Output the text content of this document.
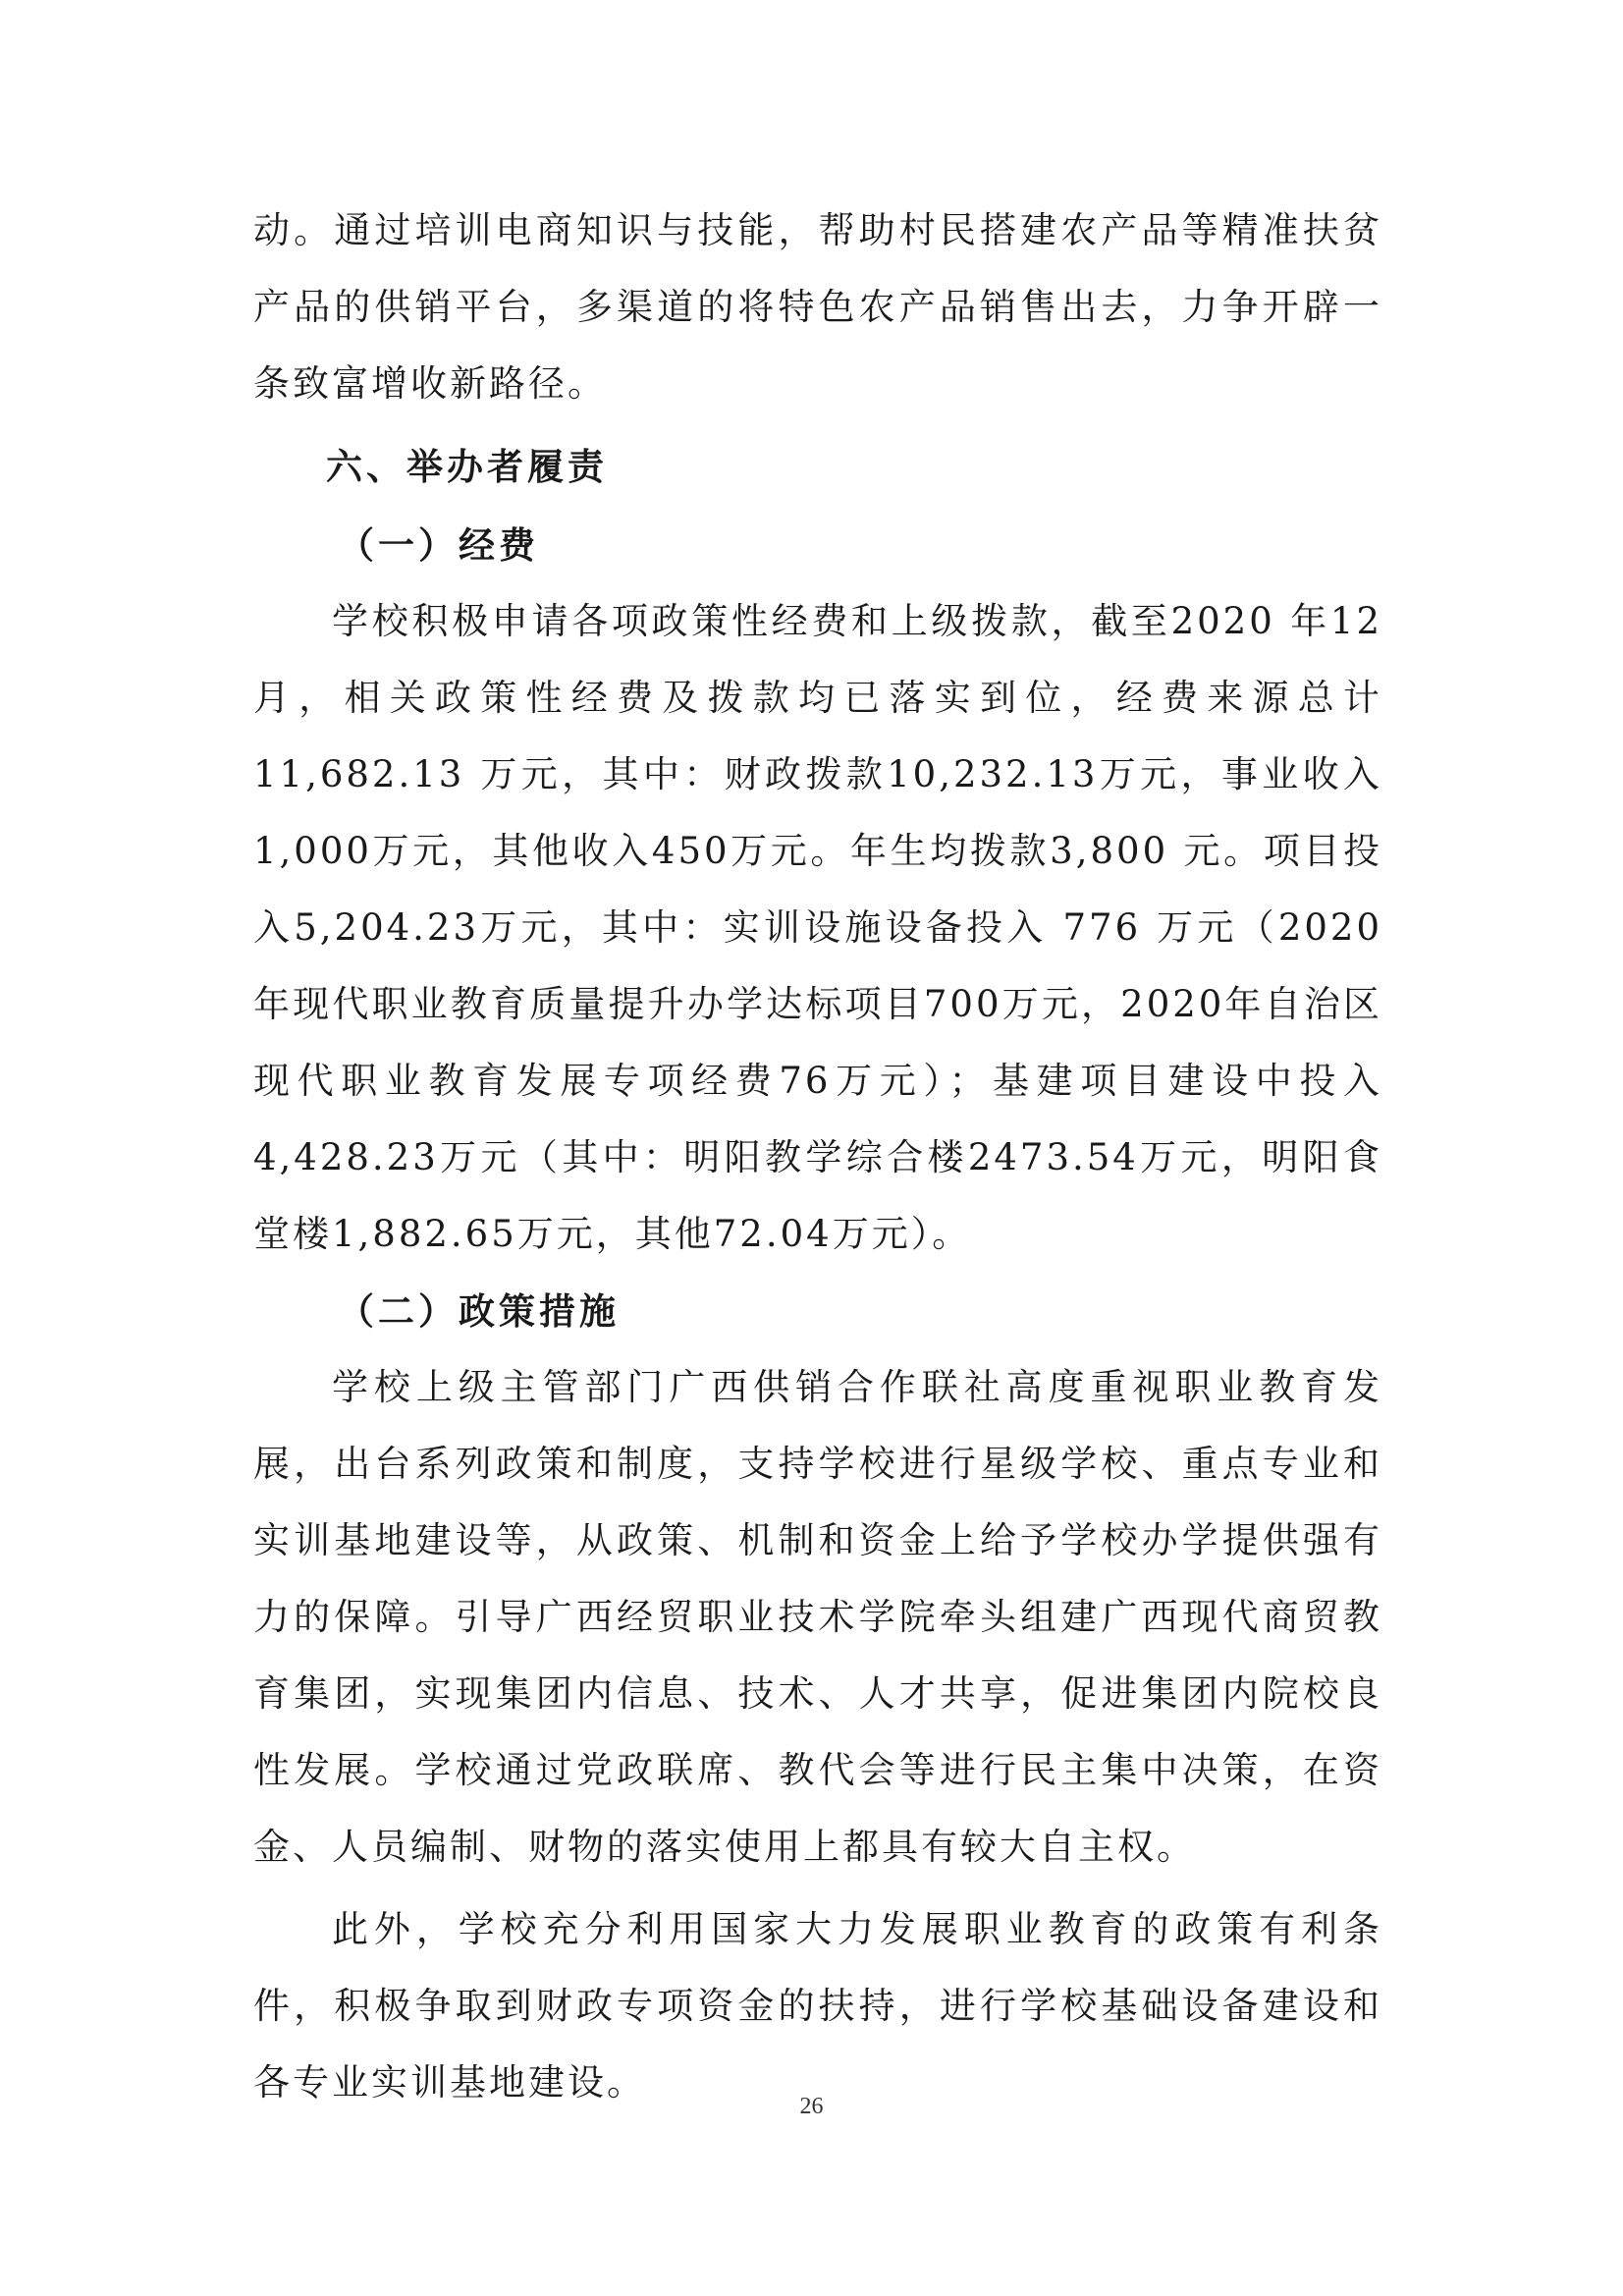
动。通过培训电商知识与技能，帮助村民搭建农产品等精准扶贫产品的供销平台，多渠道的将特色农产品销售出去，力争开辟一条致富增收新路径。

六、举办者履责

（一）经费

学校积极申请各项政策性经费和上级拨款，截至2020 年12月，相关政策性经费及拨款均已落实到位，经费来源总计 11,682.13 万元，其中：财政拨款10,232.13万元，事业收入1,000万元，其他收入450万元。年生均拨款3,800 元。项目投入5,204.23万元，其中：实训设施设备投入 776 万元（2020 年现代职业教育质量提升办学达标项目700万元，2020年自治区现代职业教育发展专项经费76万元）；基建项目建设中投入4,428.23万元（其中：明阳教学综合楼2473.54万元，明阳食堂楼1,882.65万元，其他72.04万元）。

（二）政策措施

学校上级主管部门广西供销合作联社高度重视职业教育发展，出台系列政策和制度，支持学校进行星级学校、重点专业和实训基地建设等，从政策、机制和资金上给予学校办学提供强有力的保障。引导广西经贸职业技术学院牵头组建广西现代商贸教育集团，实现集团内信息、技术、人才共享，促进集团内院校良性发展。学校通过党政联席、教代会等进行民主集中决策，在资金、人员编制、财物的落实使用上都具有较大自主权。

此外，学校充分利用国家大力发展职业教育的政策有利条件，积极争取到财政专项资金的扶持，进行学校基础设备建设和各专业实训基地建设。

26
